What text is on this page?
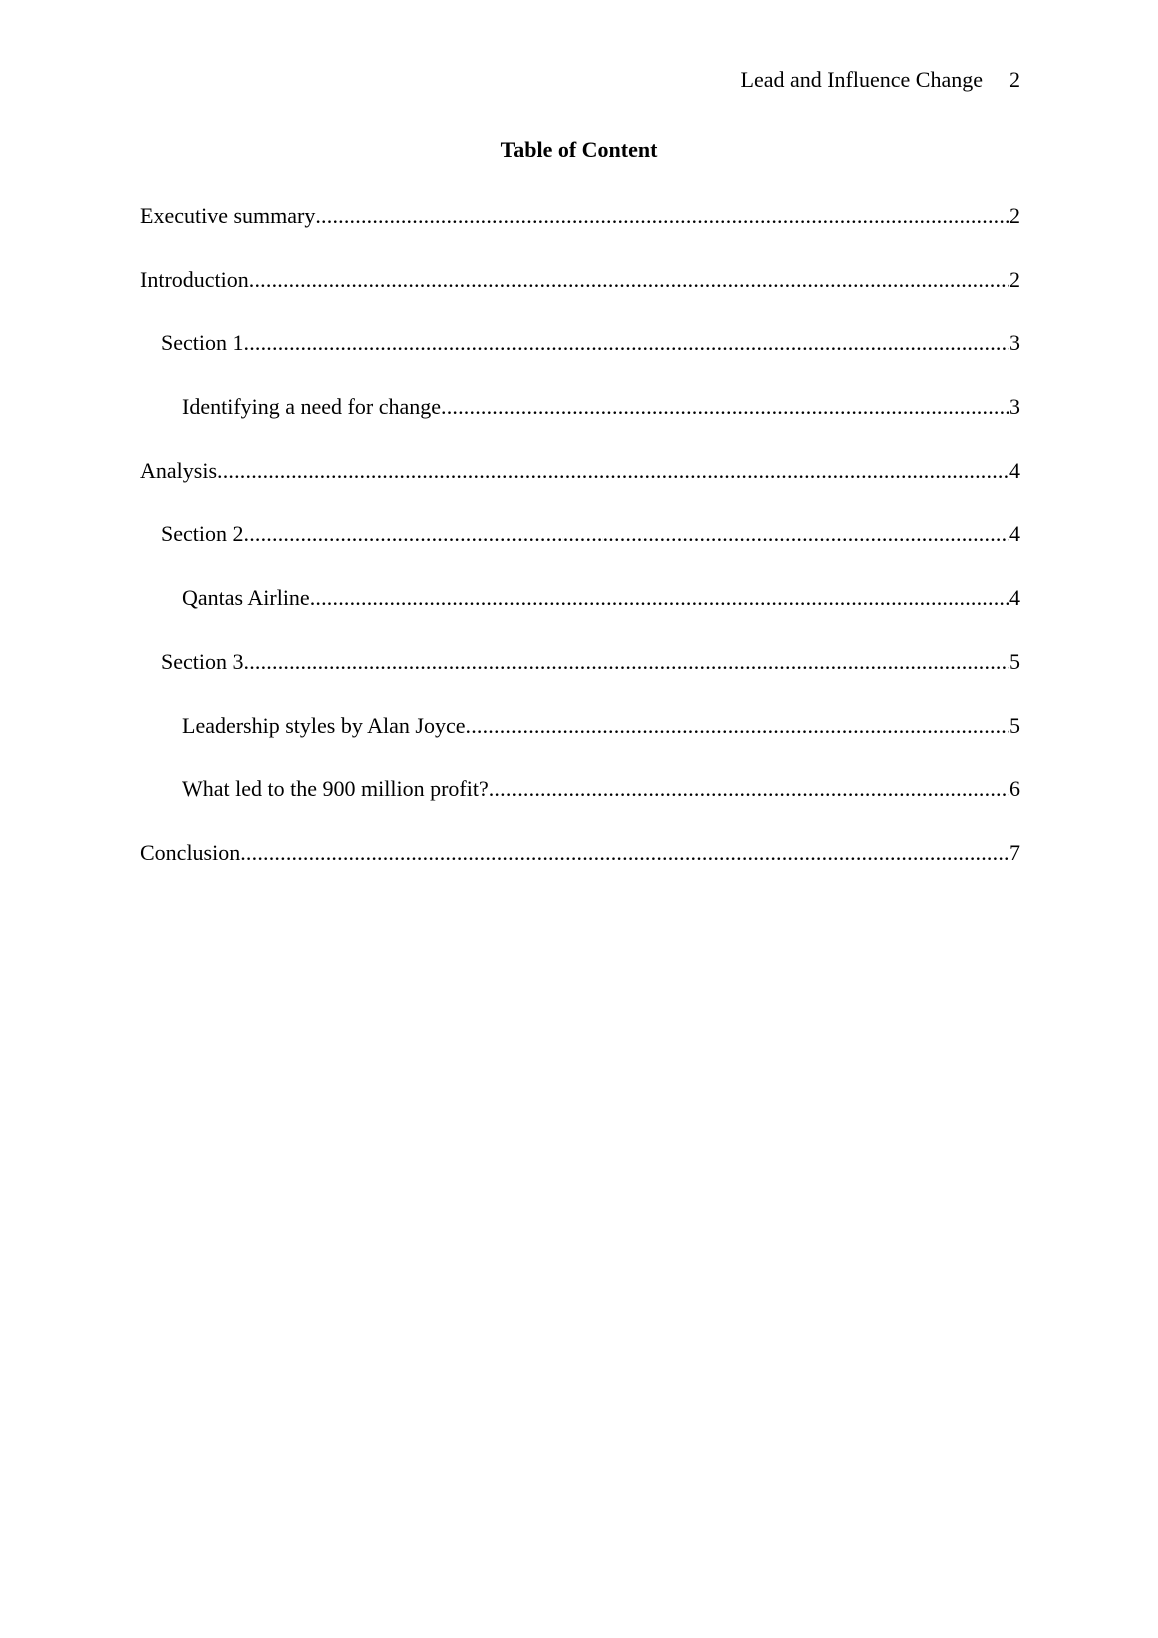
Lead and Influence Change 2
Table of Content
Executive summary .....	2
Introduction .....	2
Section 1 .....	3
Identifying a need for change .....	3
Analysis .....	4
Section 2 .....	4
Qantas Airline .....	4
Section 3 .....	5
Leadership styles by Alan Joyce .....	5
What led to the 900 million profit? .....	6
Conclusion .....	7
